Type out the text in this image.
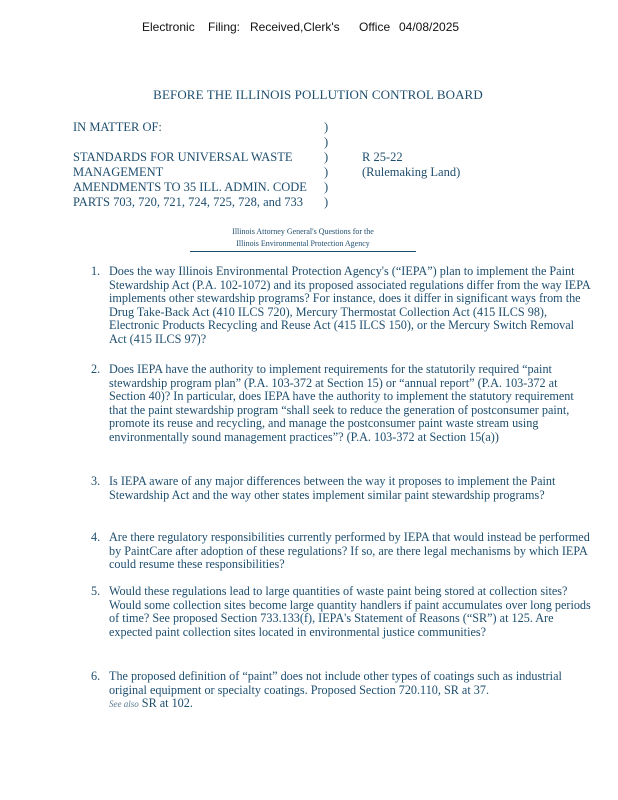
Electronic Filing: Received,Clerk's Office 04/08/2025
BEFORE THE ILLINOIS POLLUTION CONTROL BOARD
IN MATTER OF:	)
)
STANDARDS FOR UNIVERSAL WASTE	)	R 25-22
MANAGEMENT	)	(Rulemaking Land)
AMENDMENTS TO 35 ILL. ADMIN. CODE )
PARTS 703, 720, 721, 724, 725, 728, and 733 )
Illinois Attorney General's Questions for the
Illinois Environmental Protection Agency
1. Does the way Illinois Environmental Protection Agency's (“IEPA”) plan to implement the Paint Stewardship Act (P.A. 102-1072) and its proposed associated regulations differ from the way IEPA implements other stewardship programs? For instance, does it differ in significant ways from the Drug Take-Back Act (410 ILCS 720), Mercury Thermostat Collection Act (415 ILCS 98), Electronic Products Recycling and Reuse Act (415 ILCS 150), or the Mercury Switch Removal Act (415 ILCS 97)?
2. Does IEPA have the authority to implement requirements for the statutorily required “paint stewardship program plan” (P.A. 103-372 at Section 15) or “annual report” (P.A. 103-372 at Section 40)? In particular, does IEPA have the authority to implement the statutory requirement that the paint stewardship program “shall seek to reduce the generation of postconsumer paint, promote its reuse and recycling, and manage the postconsumer paint waste stream using environmentally sound management practices”? (P.A. 103-372 at Section 15(a))
3. Is IEPA aware of any major differences between the way it proposes to implement the Paint Stewardship Act and the way other states implement similar paint stewardship programs?
4. Are there regulatory responsibilities currently performed by IEPA that would instead be performed by PaintCare after adoption of these regulations? If so, are there legal mechanisms by which IEPA could resume these responsibilities?
5. Would these regulations lead to large quantities of waste paint being stored at collection sites? Would some collection sites become large quantity handlers if paint accumulates over long periods of time? See proposed Section 733.133(f), IEPA's Statement of Reasons (“SR”) at 125. Are expected paint collection sites located in environmental justice communities?
6. The proposed definition of “paint” does not include other types of coatings such as industrial original equipment or specialty coatings. Proposed Section 720.110, SR at 37.
See also SR at 102.
